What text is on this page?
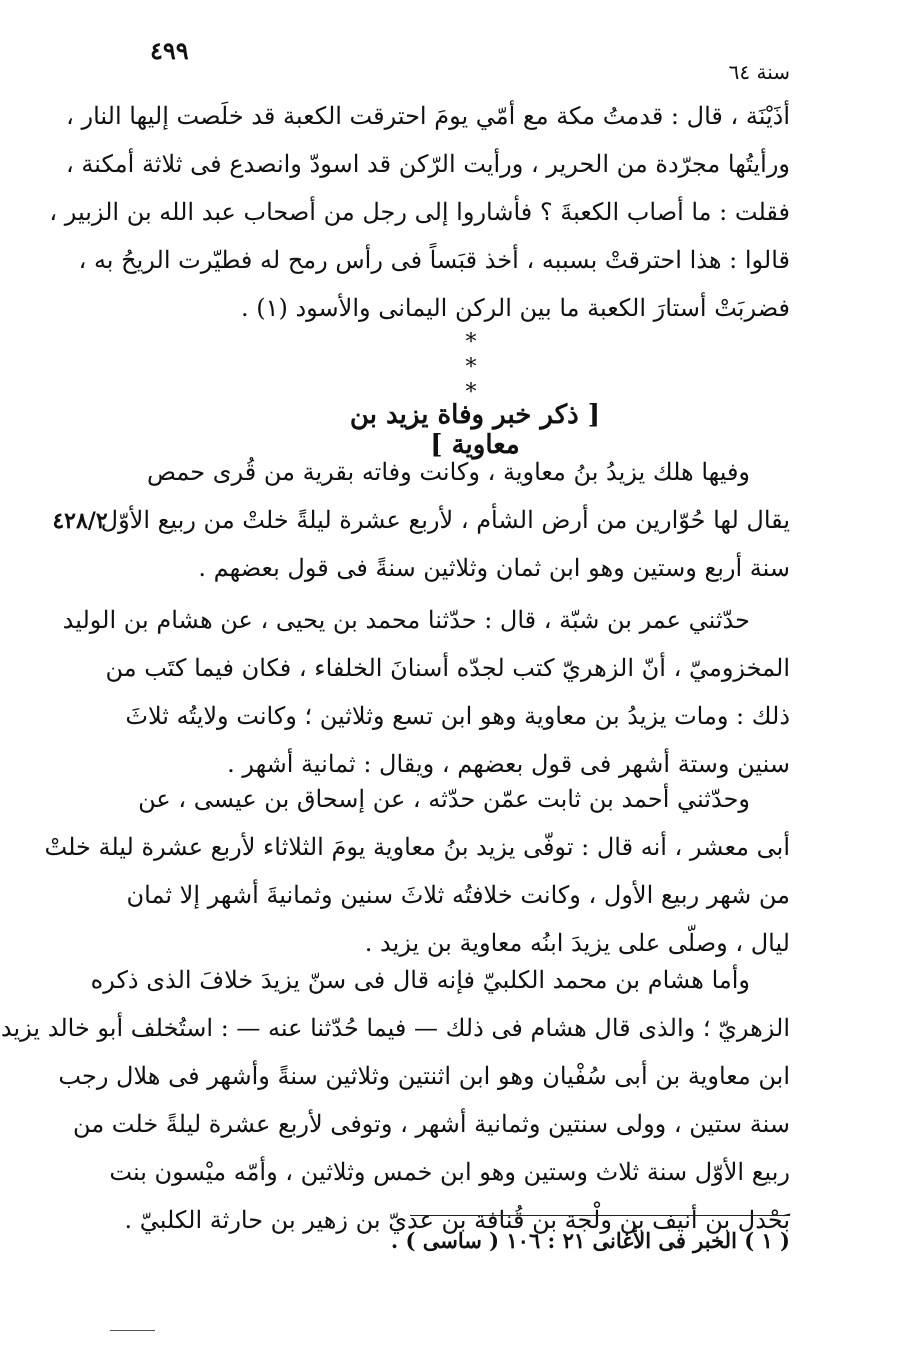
٤٩٩
سنة ٦٤
أذَيْنَة ، قال : قدمتُ مكة مع أمّي يومَ احترقت الكعبة قد خلَصت إليها النار ،
ورأيتُها مجرّدة من الحرير ، ورأيت الرّكن قد اسودّ وانصدع فى ثلاثة أمكنة ،
فقلت : ما أصاب الكعبةَ ؟ فأشاروا إلى رجل من أصحاب عبد الله بن الزبير ،
قالوا : هذا احترقتْ بسببه ، أخذ قبَساً فى رأس رمح له فطيّرت الريحُ به ،
فضربَتْ أستارَ الكعبة ما بين الركن اليمانى والأسود (١) .
* * *
[ ذكر خبر وفاة يزيد بن معاوية ]
٤٢٨/٢
وفيها هلك يزيدُ بنُ معاوية ، وكانت وفاته بقرية من قُرى حمص
يقال لها حُوّارين من أرض الشأم ، لأربع عشرة ليلةً خلتْ من ربيع الأوّل
سنة أربع وستين وهو ابن ثمان وثلاثين سنةً فى قول بعضهم .
حدّثني عمر بن شبّة ، قال : حدّثنا محمد بن يحيى ، عن هشام بن الوليد
المخزوميّ ، أنّ الزهريّ كتب لجدّه أسنانَ الخلفاء ، فكان فيما كتَب من
ذلك : ومات يزيدُ بن معاوية وهو ابن تسع وثلاثين ؛ وكانت ولايتُه ثلاثَ
سنين وستة أشهر فى قول بعضهم ، ويقال : ثمانية أشهر .
وحدّثني أحمد بن ثابت عمّن حدّثه ، عن إسحاق بن عيسى ، عن
أبى معشر ، أنه قال : توفّى يزيد بنُ معاوية يومَ الثلاثاء لأربع عشرة ليلة خلتْ
من شهر ربيع الأول ، وكانت خلافتُه ثلاثَ سنين وثمانيةَ أشهر إلا ثمان
ليال ، وصلّى على يزيدَ ابنُه معاوية بن يزيد .
وأما هشام بن محمد الكلبيّ فإنه قال فى سنّ يزيدَ خلافَ الذى ذكره
الزهريّ ؛ والذى قال هشام فى ذلك — فيما حُدّثنا عنه — : استُخلف أبو خالد يزيد
ابن معاوية بن أبى سُفْيان وهو ابن اثنتين وثلاثين سنةً وأشهر فى هلال رجب
سنة ستين ، وولى سنتين وثمانية أشهر ، وتوفى لأربع عشرة ليلةً خلت من
ربيع الأوّل سنة ثلاث وستين وهو ابن خمس وثلاثين ، وأمّه ميْسون بنت
بَحْدل بن أنيف بن ولْجة بن قُنافة بن عديّ بن زهير بن حارثة الكلبيّ .
( ١ ) الخبر فى الأغانى ٢١ : ١٠٦ ( ساسى ) .
